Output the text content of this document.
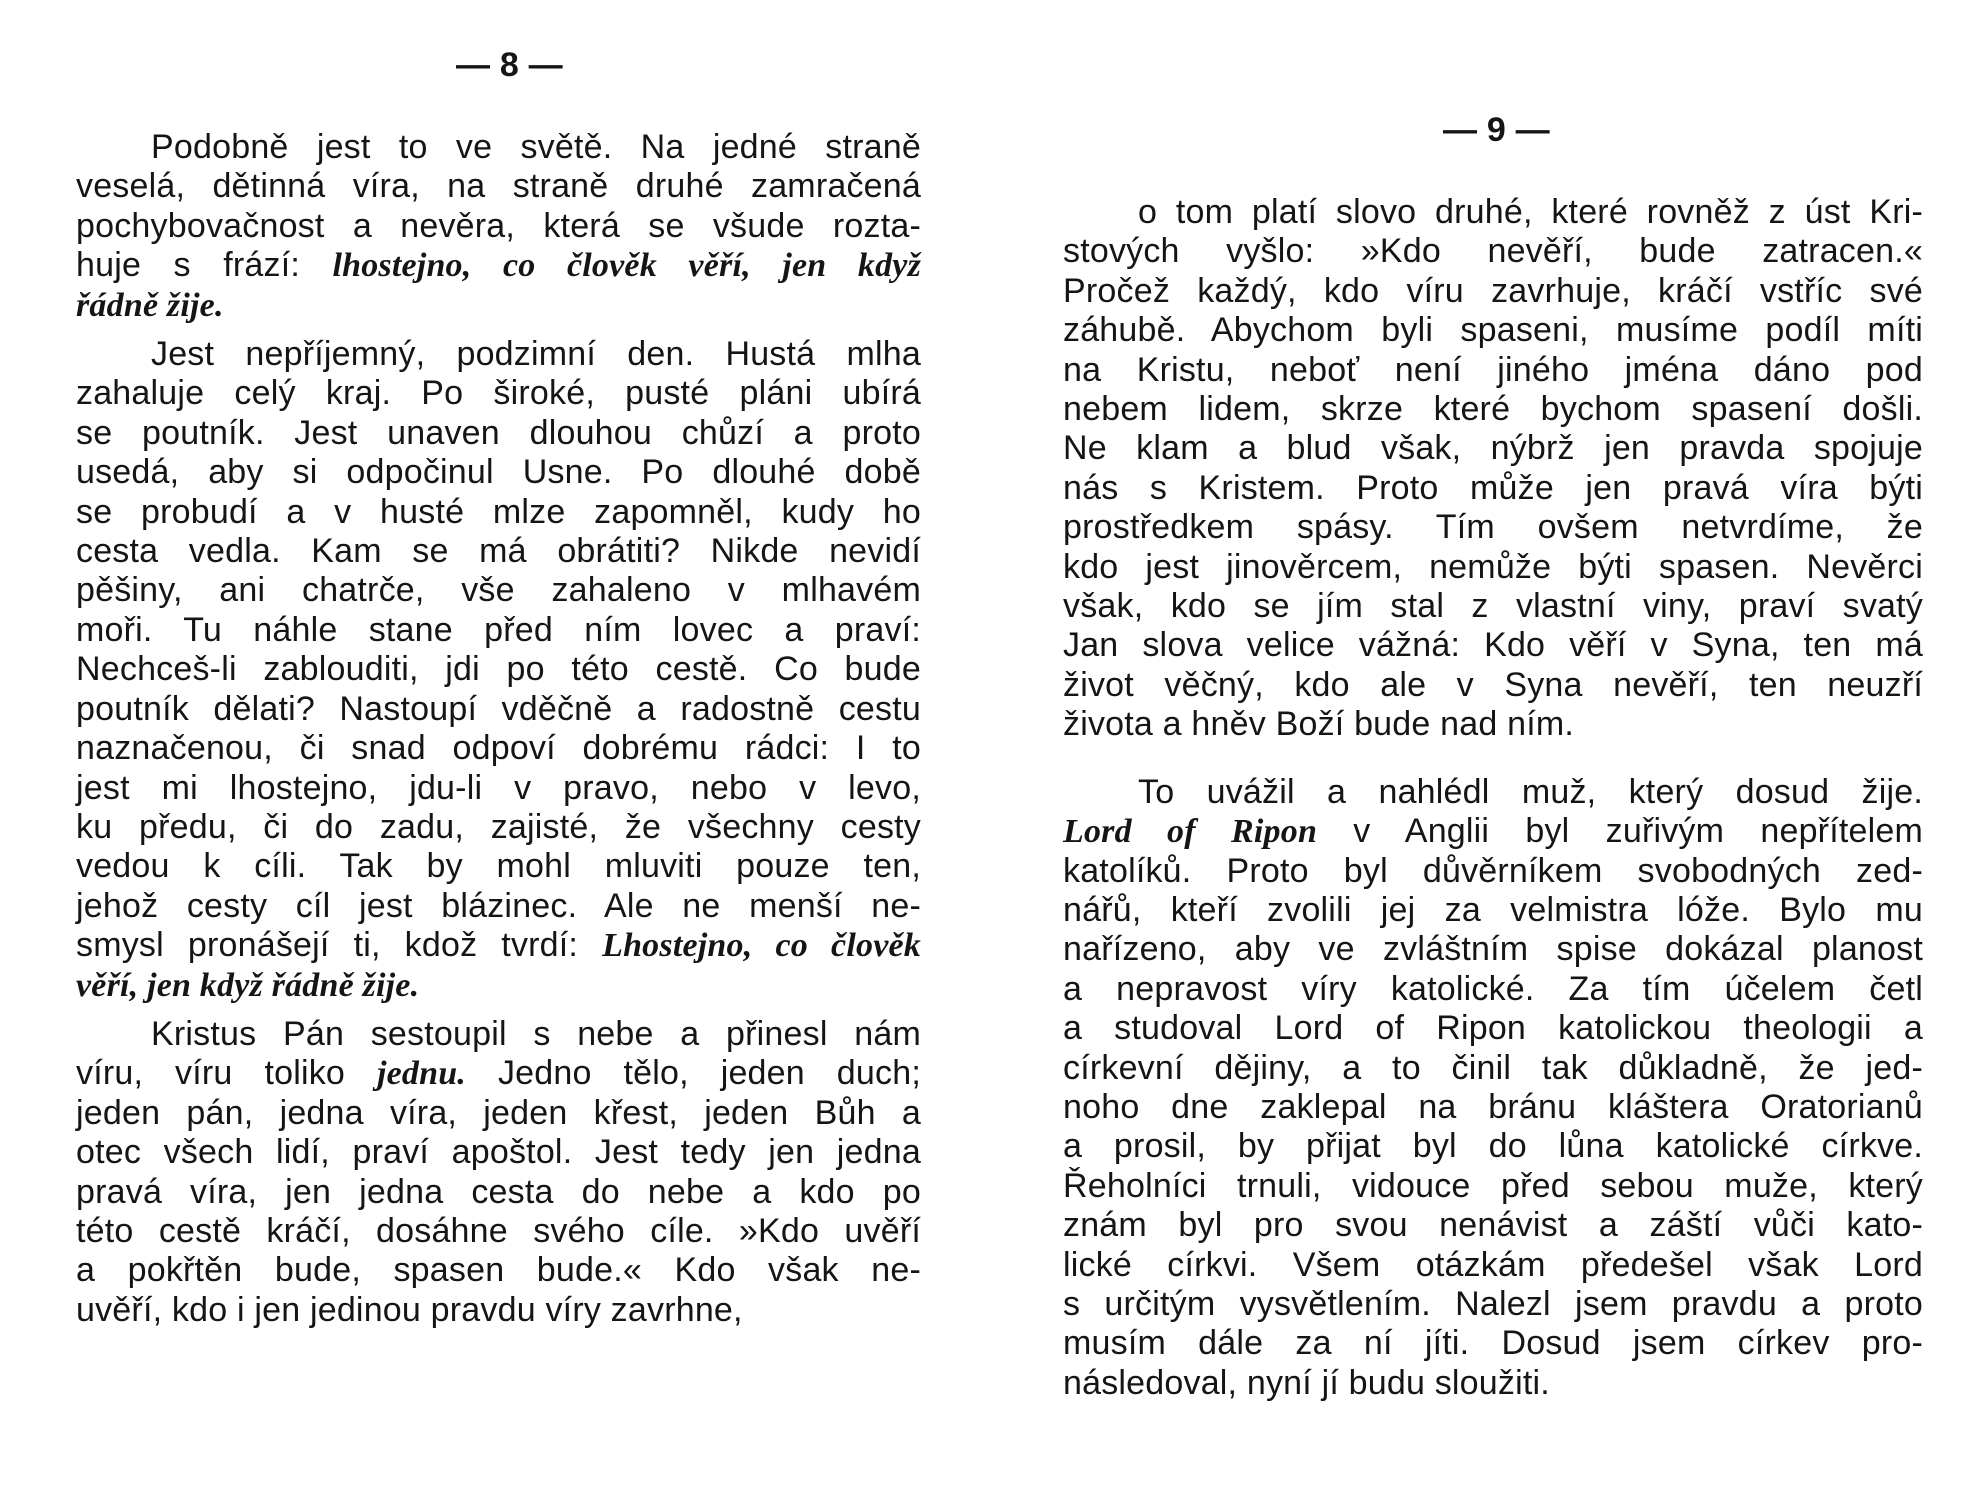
— 8 —
Podobně jest to ve světě. Na jedné straně
veselá, dětinná víra, na straně druhé zamračená
pochybovačnost a nevěra, která se všude rozta-
huje s frází: lhostejno, co člověk věří, jen když
řádně žije.
Jest nepříjemný, podzimní den. Hustá mlha
zahaluje celý kraj. Po široké, pusté pláni ubírá
se poutník. Jest unaven dlouhou chůzí a proto
usedá, aby si odpočinul Usne. Po dlouhé době
se probudí a v husté mlze zapomněl, kudy ho
cesta vedla. Kam se má obrátiti? Nikde nevidí
pěšiny, ani chatrče, vše zahaleno v mlhavém
moři. Tu náhle stane před ním lovec a praví:
Nechceš-li zablouditi, jdi po této cestě. Co bude
poutník dělati? Nastoupí vděčně a radostně cestu
naznačenou, či snad odpoví dobrému rádci: I to
jest mi lhostejno, jdu-li v pravo, nebo v levo,
ku předu, či do zadu, zajisté, že všechny cesty
vedou k cíli. Tak by mohl mluviti pouze ten,
jehož cesty cíl jest blázinec. Ale ne menší ne-
smysl pronášejí ti, kdož tvrdí: Lhostejno, co člověk
věří, jen když řádně žije.
Kristus Pán sestoupil s nebe a přinesl nám
víru, víru toliko jednu. Jedno tělo, jeden duch;
jeden pán, jedna víra, jeden křest, jeden Bůh a
otec všech lidí, praví apoštol. Jest tedy jen jedna
pravá víra, jen jedna cesta do nebe a kdo po
této cestě kráčí, dosáhne svého cíle. »Kdo uvěří
a pokřtěn bude, spasen bude.« Kdo však ne-
uvěří, kdo i jen jedinou pravdu víry zavrhne,
— 9 —
o tom platí slovo druhé, které rovněž z úst Kri-
stových vyšlo: »Kdo nevěří, bude zatracen.«
Pročež každý, kdo víru zavrhuje, kráčí vstříc své
záhubě. Abychom byli spaseni, musíme podíl míti
na Kristu, neboť není jiného jména dáno pod
nebem lidem, skrze které bychom spasení došli.
Ne klam a blud však, nýbrž jen pravda spojuje
nás s Kristem. Proto může jen pravá víra býti
prostředkem spásy. Tím ovšem netvrdíme, že
kdo jest jinověrcem, nemůže býti spasen. Nevěrci
však, kdo se jím stal z vlastní viny, praví svatý
Jan slova velice vážná: Kdo věří v Syna, ten má
život věčný, kdo ale v Syna nevěří, ten neuzří
života a hněv Boží bude nad ním.
To uvážil a nahlédl muž, který dosud žije.
Lord of Ripon v Anglii byl zuřivým nepřítelem
katolíků. Proto byl důvěrníkem svobodných zed-
nářů, kteří zvolili jej za velmistra lóže. Bylo mu
nařízeno, aby ve zvláštním spise dokázal planost
a nepravost víry katolické. Za tím účelem četl
a studoval Lord of Ripon katolickou theologii a
církevní dějiny, a to činil tak důkladně, že jed-
noho dne zaklepal na bránu kláštera Oratorianů
a prosil, by přijat byl do lůna katolické církve.
Řeholníci trnuli, vidouce před sebou muže, který
znám byl pro svou nenávist a záští vůči kato-
lické církvi. Všem otázkám předešel však Lord
s určitým vysvětlením. Nalezl jsem pravdu a proto
musím dále za ní jíti. Dosud jsem církev pro-
následoval, nyní jí budu sloužiti.
